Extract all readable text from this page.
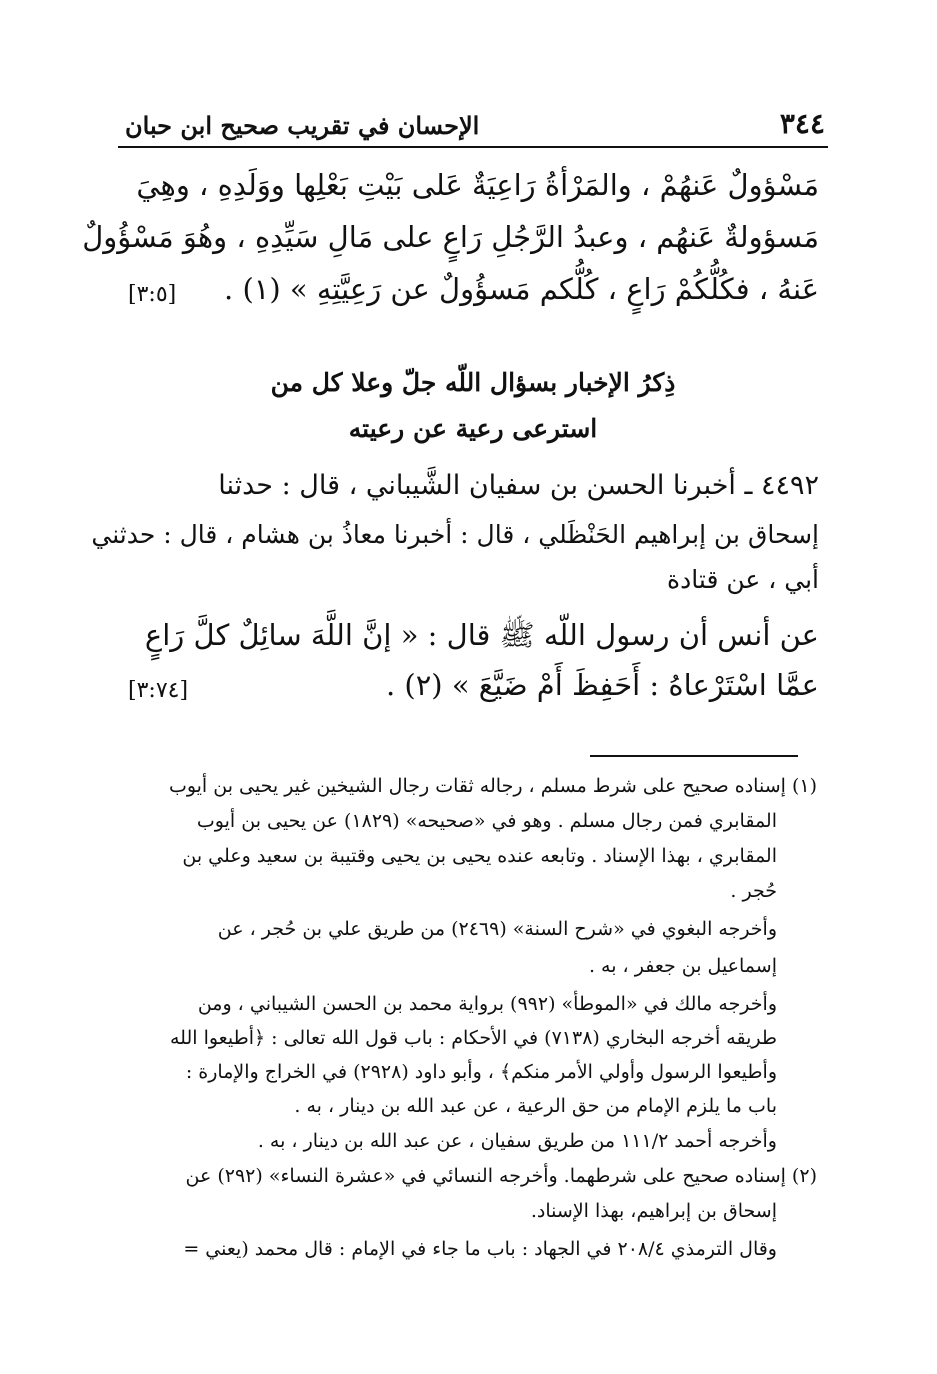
٣٤٤
الإحسان في تقريب صحيح ابن حبان
مَسْؤولٌ عَنهُمْ ، والمَرْأةُ رَاعِيَةٌ عَلى بَيْتِ بَعْلِها ووَلَدِهِ ، وهِيَ
مَسؤولةٌ عَنهُم ، وعبدُ الرَّجُلِ رَاعٍ على مَالِ سَيِّدِهِ ، وهُوَ مَسْؤُولٌ
عَنهُ ، فكُلُّكُمْ رَاعٍ ، كُلُّكم مَسؤُولٌ عن رَعِيَّتِهِ » (١) .
[٣:٥]
ذِكرُ الإخبار بسؤال اللّه جلّ وعلا كل من
استرعى رعية عن رعيته
٤٤٩٢ ـ أخبرنا الحسن بن سفيان الشَّيباني ، قال : حدثنا
إسحاق بن إبراهيم الحَنْظَلي ، قال : أخبرنا معاذُ بن هشام ، قال : حدثني
أبي ، عن قتادة
عن أنس أن رسول اللّه ﷺ قال : « إنَّ اللَّهَ سائِلٌ كلَّ رَاعٍ
عمَّا اسْتَرْعاهُ : أَحَفِظَ أَمْ ضَيَّعَ » (٢) .
[٣:٧٤]
(١) إسناده صحيح على شرط مسلم ، رجاله ثقات رجال الشيخين غير يحيى بن أيوب
المقابري فمن رجال مسلم . وهو في «صحيحه» (١٨٢٩) عن يحيى بن أيوب
المقابري ، بهذا الإسناد . وتابعه عنده يحيى بن يحيى وقتيبة بن سعيد وعلي بن
حُجر .
وأخرجه البغوي في «شرح السنة» (٢٤٦٩) من طريق علي بن حُجر ، عن
إسماعيل بن جعفر ، به .
وأخرجه مالك في «الموطأ» (٩٩٢) برواية محمد بن الحسن الشيباني ، ومن
طريقه أخرجه البخاري (٧١٣٨) في الأحكام : باب قول الله تعالى : ﴿أطيعوا الله
وأطيعوا الرسول وأولي الأمر منكم﴾ ، وأبو داود (٢٩٢٨) في الخراج والإمارة :
باب ما يلزم الإمام من حق الرعية ، عن عبد الله بن دينار ، به .
وأخرجه أحمد ١١١/٢ من طريق سفيان ، عن عبد الله بن دينار ، به .
(٢) إسناده صحيح على شرطهما. وأخرجه النسائي في «عشرة النساء» (٢٩٢) عن
إسحاق بن إبراهيم، بهذا الإسناد.
وقال الترمذي ٢٠٨/٤ في الجهاد : باب ما جاء في الإمام : قال محمد (يعني =
